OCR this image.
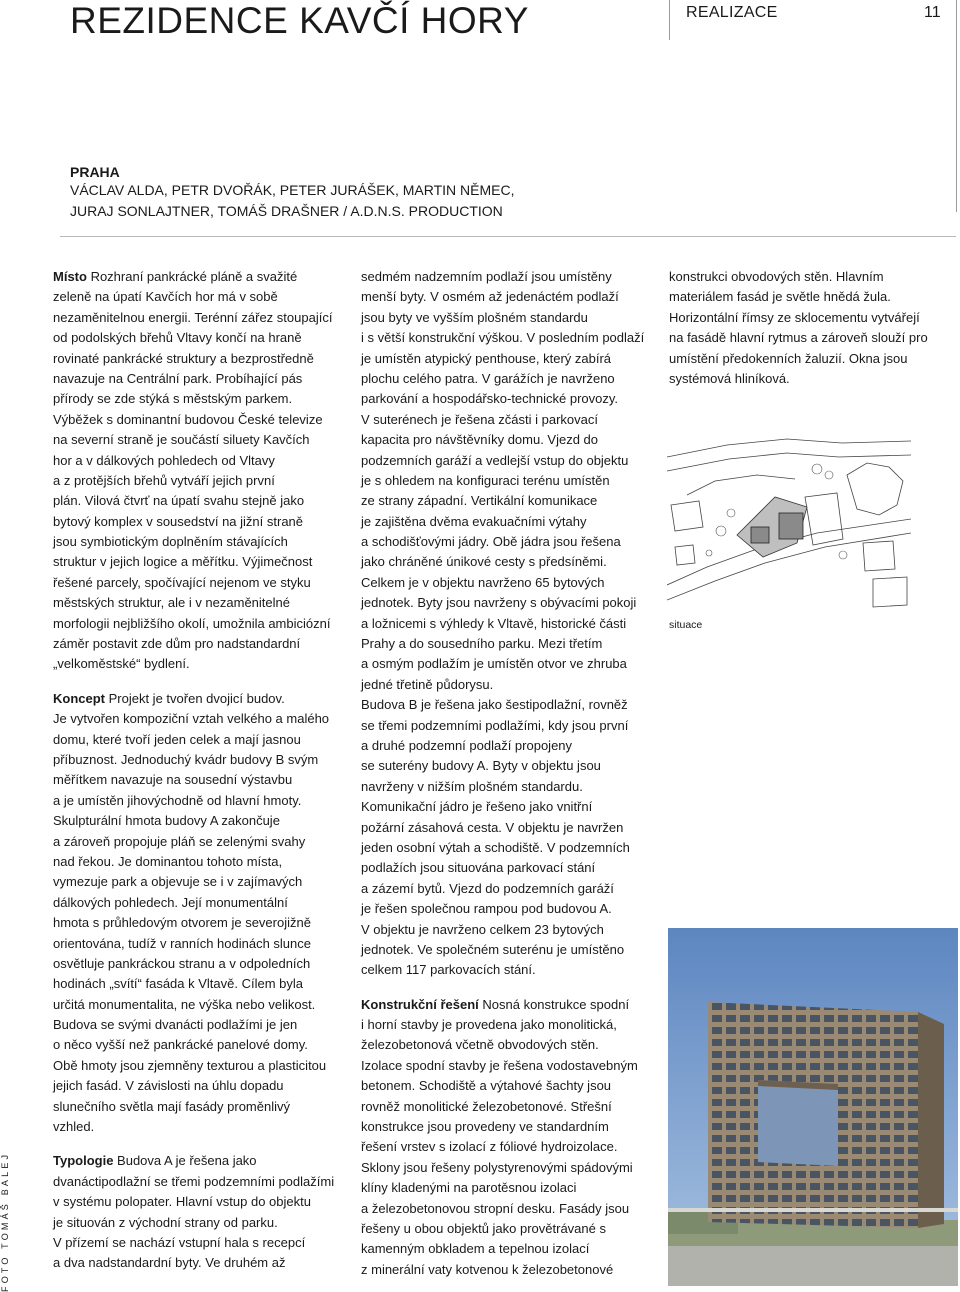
REZIDENCE KAVČÍ HORY	REALIZACE	11
PRAHA
VÁCLAV ALDA, PETR DVOŘÁK, PETER JURÁŠEK, MARTIN NĚMEC,
JURAJ SONLAJTNER, TOMÁŠ DRAŠNER / A.D.N.S. PRODUCTION
FOTO TOMÁŠ BALEJ
Místo Rozhraní pankrácké pláně a svažité
zeleně na úpatí Kavčích hor má v sobě
nezaměnitelnou energii. Terénní zářez stoupající
od podolských břehů Vltavy končí na hraně
rovinaté pankrácké struktury a bezprostředně
navazuje na Centrální park. Probíhající pás
přírody se zde stýká s městským parkem.
Výběžek s dominantní budovou České televize
na severní straně je součástí siluety Kavčích
hor a v dálkových pohledech od Vltavy
a z protějších břehů vytváří jejich první
plán. Vilová čtvrť na úpatí svahu stejně jako
bytový komplex v sousedství na jižní straně
jsou symbiotickým doplněním stávajících
struktur v jejich logice a měřítku. Výjimečnost
řešené parcely, spočívající nejenom ve styku
městských struktur, ale i v nezaměnitelné
morfologii nejbližšího okolí, umožnila ambiciózní
záměr postavit zde dům pro nadstandardní
„velkoměstské“ bydlení.
Koncept Projekt je tvořen dvojicí budov.
Je vytvořen kompoziční vztah velkého a malého
domu, které tvoří jeden celek a mají jasnou
příbuznost. Jednoduchý kvádr budovy B svým
měřítkem navazuje na sousední výstavbu
a je umístěn jihovýchodně od hlavní hmoty.
Skulpturální hmota budovy A zakončuje
a zároveň propojuje pláň se zelenými svahy
nad řekou. Je dominantou tohoto místa,
vymezuje park a objevuje se i v zajímavých
dálkových pohledech. Její monumentální
hmota s průhledovým otvorem je severojižně
orientována, tudíž v ranních hodinách slunce
osvětluje pankráckou stranu a v odpoledních
hodinách „svítí“ fasáda k Vltavě. Cílem byla
určitá monumentalita, ne výška nebo velikost.
Budova se svými dvanácti podlažími je jen
o něco vyšší než pankrácké panelové domy.
Obě hmoty jsou zjemněny texturou a plasticitou
jejich fasád. V závislosti na úhlu dopadu
slunečního světla mají fasády proměnlivý
vzhled.
Typologie Budova A je řešena jako
dvanáctipodlažní se třemi podzemními podlažími
v systému polopater. Hlavní vstup do objektu
je situován z východní strany od parku.
V přízemí se nachází vstupní hala s recepcí
a dva nadstandardní byty. Ve druhém až
sedmém nadzemním podlaží jsou umístěny
menší byty. V osmém až jedenáctém podlaží
jsou byty ve vyšším plošném standardu
i s větší konstrukční výškou. V posledním podlaží
je umístěn atypický penthouse, který zabírá
plochu celého patra. V garážích je navrženo
parkování a hospodářsko-technické provozy.
V suterénech je řešena zčásti i parkovací
kapacita pro návštěvníky domu. Vjezd do
podzemních garáží a vedlejší vstup do objektu
je s ohledem na konfiguraci terénu umístěn
ze strany západní. Vertikální komunikace
je zajištěna dvěma evakuačními výtahy
a schodišťovými jádry. Obě jádra jsou řešena
jako chráněné únikové cesty s předsíněmi.
Celkem je v objektu navrženo 65 bytových
jednotek. Byty jsou navrženy s obývacími pokoji
a ložnicemi s výhledy k Vltavě, historické části
Prahy a do sousedního parku. Mezi třetím
a osmým podlažím je umístěn otvor ve zhruba
jedné třetině půdorysu.
Budova B je řešena jako šestipodlažní, rovněž
se třemi podzemními podlažími, kdy jsou první
a druhé podzemní podlaží propojeny
se suterény budovy A. Byty v objektu jsou
navrženy v nižším plošném standardu.
Komunikační jádro je řešeno jako vnitřní
požární zásahová cesta. V objektu je navržen
jeden osobní výtah a schodiště. V podzemních
podlažích jsou situována parkovací stání
a zázemí bytů. Vjezd do podzemních garáží
je řešen společnou rampou pod budovou A.
V objektu je navrženo celkem 23 bytových
jednotek. Ve společném suterénu je umístěno
celkem 117 parkovacích stání.
Konstrukční řešení Nosná konstrukce spodní
i horní stavby je provedena jako monolitická,
železobetonová včetně obvodových stěn.
Izolace spodní stavby je řešena vodostavebným
betonem. Schodiště a výtahové šachty jsou
rovněž monolitické železobetonové. Střešní
konstrukce jsou provedeny ve standardním
řešení vrstev s izolací z fóliové hydroizolace.
Sklony jsou řešeny polystyrenovými spádovými
klíny kladenými na parotěsnou izolaci
a železobetonovou stropní desku. Fasády jsou
řešeny u obou objektů jako provětrávané s
kamenným obkladem a tepelnou izolací
z minerální vaty kotvenou k železobetonové
konstrukci obvodových stěn. Hlavním
materiálem fasád je světle hnědá žula.
Horizontální římsy ze sklocementu vytvářejí
na fasádě hlavní rytmus a zároveň slouží pro
umístění předokenních žaluzií. Okna jsou
systémová hliníková.
situace
